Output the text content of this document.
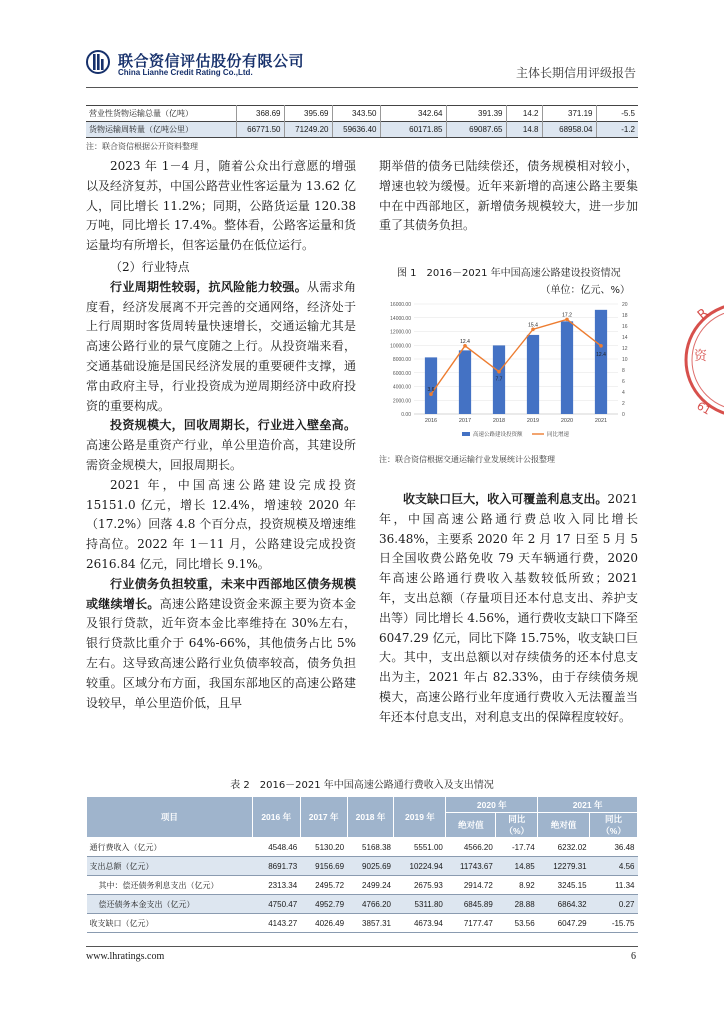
联合资信评估股份有限公司
China Lianhe Credit Rating Co.,Ltd.	主体长期信用评级报告
营业性货物运输总量（亿吨）	368.69	395.69	343.50	342.64	391.39	14.2	371.19	-5.5
货物运输周转量（亿吨公里）	66771.50	71249.20	59636.40	60171.85	69087.65	14.8	68958.04	-1.2
注：联合资信根据公开资料整理

2023 年 1－4 月，随着公众出行意愿的增强以及经济复苏，中国公路营业性客运量为 13.62 亿人，同比增长 11.2%；同期，公路货运量 120.38 万吨，同比增长 17.4%。整体看，公路客运量和货运量均有所增长，但客运量仍在低位运行。

（2）行业特点

行业周期性较弱，抗风险能力较强。从需求角度看，经济发展离不开完善的交通网络，经济处于上行周期时客货周转量快速增长，交通运输尤其是高速公路行业的景气度随之上行。从投资端来看，交通基础设施是国民经济发展的重要硬件支撑，通常由政府主导，行业投资成为逆周期经济中政府投资的重要构成。

投资规模大，回收周期长，行业进入壁垒高。高速公路是重资产行业，单公里造价高，其建设所需资金规模大，回报周期长。

2021 年，中国高速公路建设完成投资 15151.0 亿元，增长 12.4%，增速较 2020 年（17.2%）回落 4.8 个百分点，投资规模及增速维持高位。2022 年 1－11 月，公路建设完成投资 2616.84 亿元，同比增长 9.1%。

行业债务负担较重，未来中西部地区债务规模或继续增长。高速公路建设资金来源主要为资本金及银行贷款，近年资本金比率维持在 30%左右，银行贷款比重介于 64%-66%，其他债务占比 5%左右。这导致高速公路行业负债率较高，债务负担较重。区域分布方面，我国东部地区的高速公路建设较早，单公里造价低，且早

期举借的债务已陆续偿还，债务规模相对较小，增速也较为缓慢。近年来新增的高速公路主要集中在中西部地区，新增债务规模较大，进一步加重了其债务负担。

图 1　2016－2021 年中国高速公路建设投资情况
（单位：亿元、%）
0.00
2000.00
4000.00
6000.00
8000.00
10000.00
12000.00
14000.00
16000.00
0
2
4
6
8
10
12
14
16
18
20
2016	2017	2018	2019	2020	2021
3.6
12.4
7.7
15.4
17.2
12.4
高速公路建设投资额	同比增速
注：联合资信根据交通运输行业发展统计公报整理

收支缺口巨大，收入可覆盖利息支出。2021 年，中国高速公路通行费总收入同比增长 36.48%，主要系 2020 年 2 月 17 日至 5 月 5 日全国收费公路免收 79 天车辆通行费，2020 年高速公路通行费收入基数较低所致；2021 年，支出总额（存量项目还本付息支出、养护支出等）同比增长 4.56%，通行费收支缺口下降至 6047.29 亿元，同比下降 15.75%，收支缺口巨大。其中，支出总额以对存续债务的还本付息支出为主，2021 年占 82.33%，由于存续债务规模大，高速公路行业年度通行费收入无法覆盖当年还本付息支出，对利息支出的保障程度较好。

表 2　2016－2021 年中国高速公路通行费收入及支出情况
项目	2016 年	2017 年	2018 年	2019 年	2020 年		2021 年	
					绝对值	同比
（%）	绝对值	同比
（%）
通行费收入（亿元）	4548.46	5130.20	5168.38	5551.00	4566.20	-17.74	6232.02	36.48
支出总额（亿元）	8691.73	9156.69	9025.69	10224.94	11743.67	14.85	12279.31	4.56
其中：偿还债务利息支出（亿元）	2313.34	2495.72	2499.24	2675.93	2914.72	8.92	3245.15	11.34
偿还债务本金支出（亿元）	4750.47	4952.79	4766.20	5311.80	6845.89	28.88	6864.32	0.27
收支缺口（亿元）	4143.27	4026.49	3857.31	4673.94	7177.47	53.56	6047.29	-15.75
www.lhratings.com	6
R
资
61
